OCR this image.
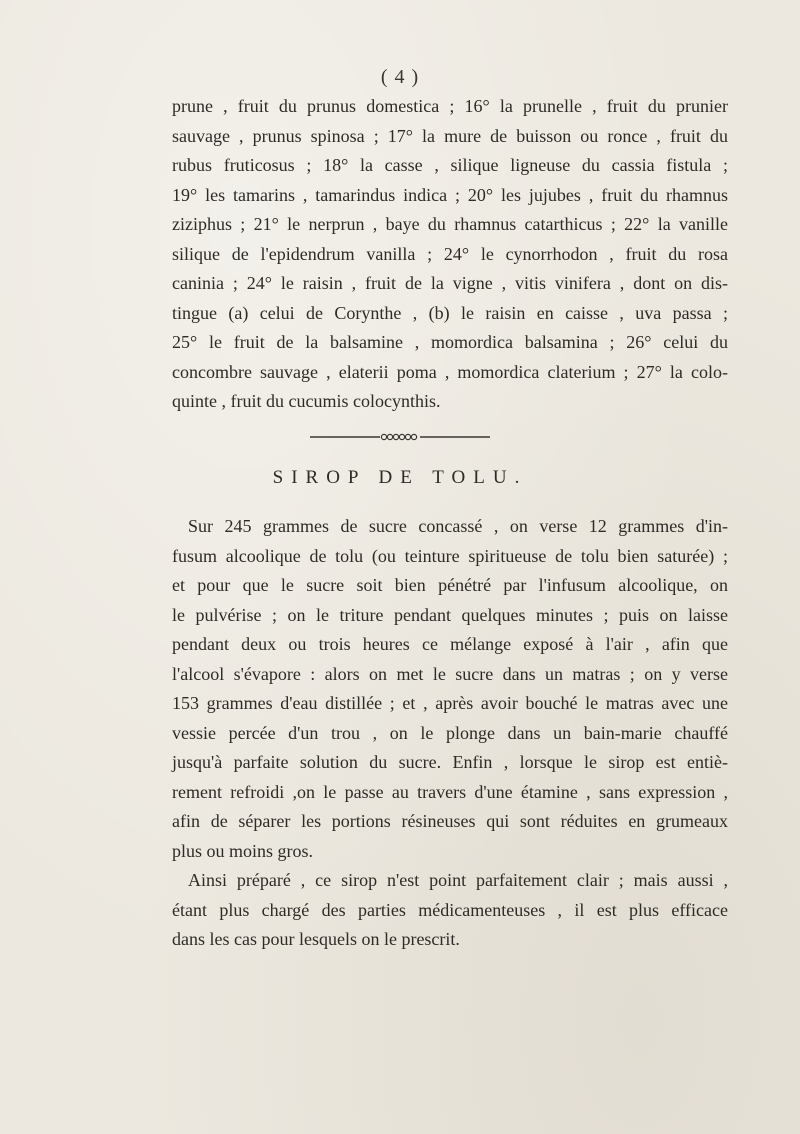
( 4 )
prune , fruit du prunus domestica ; 16° la prunelle , fruit du prunier
sauvage , prunus spinosa ; 17° la mure de buisson ou ronce , fruit du
rubus fruticosus ; 18° la casse , silique ligneuse du cassia fistula ;
19° les tamarins , tamarindus indica ; 20° les jujubes , fruit du rhamnus
ziziphus ; 21° le nerprun , baye du rhamnus catarthicus ; 22° la vanille
silique de l'epidendrum vanilla ; 24° le cynorrhodon , fruit du rosa
caninia ; 24° le raisin , fruit de la vigne , vitis vinifera , dont on dis-
tingue (a) celui de Corynthe , (b) le raisin en caisse , uva passa ;
25° le fruit de la balsamine , momordica balsamina ; 26° celui du
concombre sauvage , elaterii poma , momordica claterium ; 27° la colo-
quinte , fruit du cucumis colocynthis.
SIROP DE TOLU.
Sur 245 grammes de sucre concassé , on verse 12 grammes d'in-
fusum alcoolique de tolu (ou teinture spiritueuse de tolu bien saturée) ;
et pour que le sucre soit bien pénétré par l'infusum alcoolique, on
le pulvérise ; on le triture pendant quelques minutes ; puis on laisse
pendant deux ou trois heures ce mélange exposé à l'air , afin que
l'alcool s'évapore : alors on met le sucre dans un matras ; on y verse
153 grammes d'eau distillée ; et , après avoir bouché le matras avec une
vessie percée d'un trou , on le plonge dans un bain-marie chauffé
jusqu'à parfaite solution du sucre. Enfin , lorsque le sirop est entiè-
rement refroidi ,on le passe au travers d'une étamine , sans expression ,
afin de séparer les portions résineuses qui sont réduites en grumeaux
plus ou moins gros.
Ainsi préparé , ce sirop n'est point parfaitement clair ; mais aussi ,
étant plus chargé des parties médicamenteuses , il est plus efficace
dans les cas pour lesquels on le prescrit.
